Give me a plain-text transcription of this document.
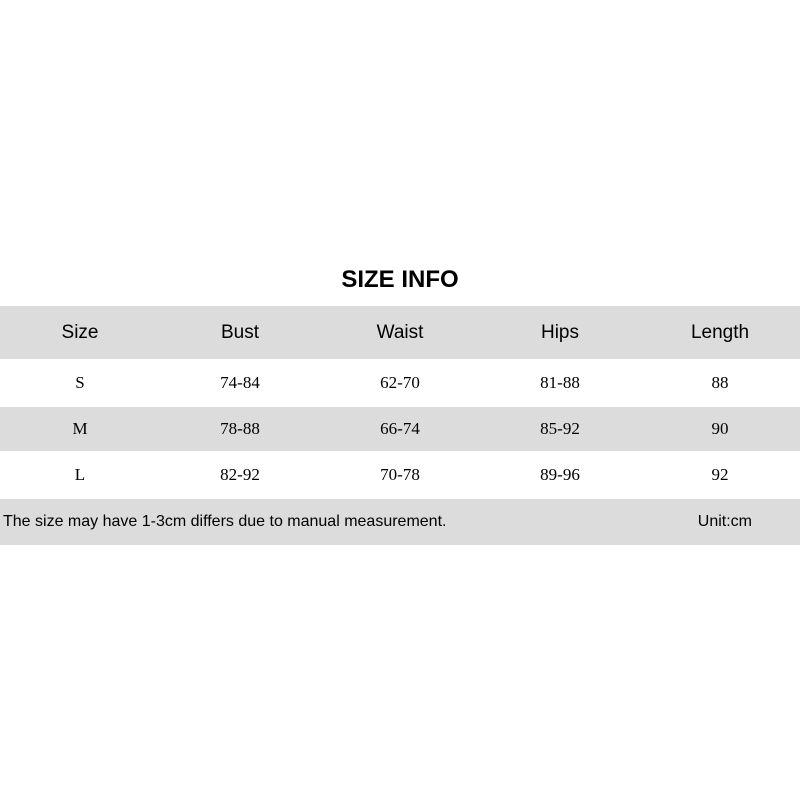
SIZE INFO
Size	Bust	Waist	Hips	Length
S	74-84	62-70	81-88	88
M	78-88	66-74	85-92	90
L	82-92	70-78	89-96	92
The size may have 1-3cm differs due to manual measurement.	Unit:cm
